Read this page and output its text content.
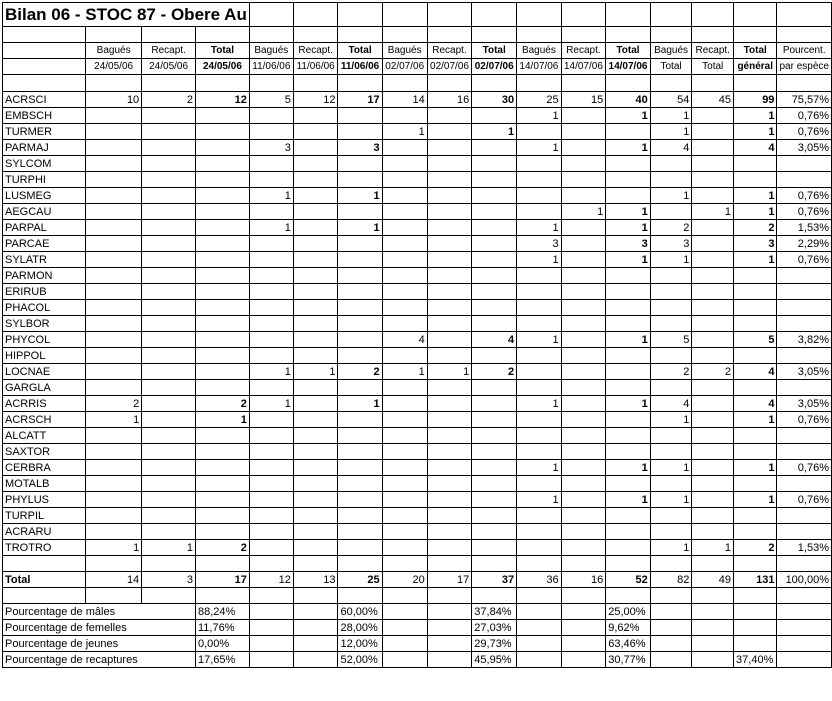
Bilan 06 - STOC 87 - Obere Au																

	Bagués	Recapt.	Total	Bagués	Recapt.	Total	Bagués	Recapt.	Total	Bagués	Recapt.	Total	Bagués	Recapt.	Total	Pourcent.
	24/05/06	24/05/06	24/05/06	11/06/06	11/06/06	11/06/06	02/07/06	02/07/06	02/07/06	14/07/06	14/07/06	14/07/06	Total	Total	général	par espèce

ACRSCI	10	2	12	5	12	17	14	16	30	25	15	40	54	45	99	75,57%
EMBSCH										1		1	1		1	0,76%
TURMER							1		1				1		1	0,76%
PARMAJ				3		3				1		1	4		4	3,05%
SYLCOM																
TURPHI																
LUSMEG				1		1							1		1	0,76%
AEGCAU											1	1		1	1	0,76%
PARPAL				1		1				1		1	2		2	1,53%
PARCAE										3		3	3		3	2,29%
SYLATR										1		1	1		1	0,76%
PARMON																
ERIRUB																
PHACOL																
SYLBOR																
PHYCOL							4		4	1		1	5		5	3,82%
HIPPOL																
LOCNAE				1	1	2	1	1	2				2	2	4	3,05%
GARGLA																
ACRRIS	2		2	1		1				1		1	4		4	3,05%
ACRSCH	1		1										1		1	0,76%
ALCATT																
SAXTOR																
CERBRA										1		1	1		1	0,76%
MOTALB																
PHYLUS										1		1	1		1	0,76%
TURPIL																
ACRARU																
TROTRO	1	1	2										1	1	2	1,53%

Total	14	3	17	12	13	25	20	17	37	36	16	52	82	49	131	100,00%

Pourcentage de mâles			88,24%			60,00%			37,84%			25,00%				
Pourcentage de femelles			11,76%			28,00%			27,03%			9,62%				
Pourcentage de jeunes			0,00%			12,00%			29,73%			63,46%				
Pourcentage de recaptures			17,65%			52,00%			45,95%			30,77%			37,40%	
